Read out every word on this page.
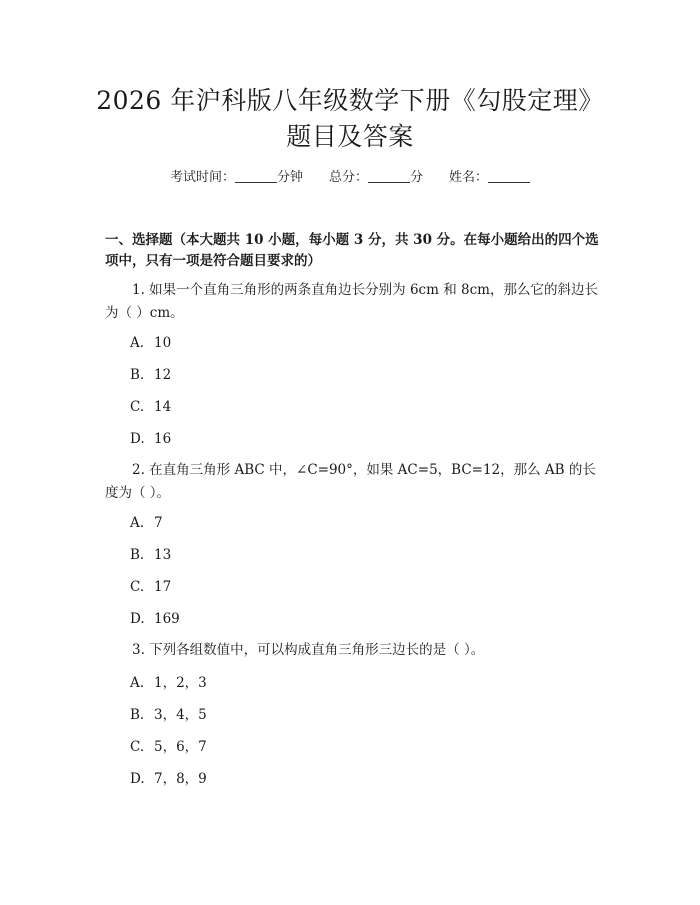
2026 年沪科版八年级数学下册《勾股定理》
题目及答案
考试时间：	分钟 总分：	分 姓名：
一、选择题（本大题共 10 小题，每小题 3 分，共 30 分。在每小题给出的四个选项中，只有一项是符合题目要求的）
1. 如果一个直角三角形的两条直角边长分别为 6cm 和 8cm，那么它的斜边长为（ ）cm。
A. 10
B. 12
C. 14
D. 16
2. 在直角三角形 ABC 中，∠C=90°，如果 AC=5，BC=12，那么 AB 的长度为（ ）。
A. 7
B. 13
C. 17
D. 169
3. 下列各组数值中，可以构成直角三角形三边长的是（ ）。
A. 1，2，3
B. 3，4，5
C. 5，6，7
D. 7，8，9
